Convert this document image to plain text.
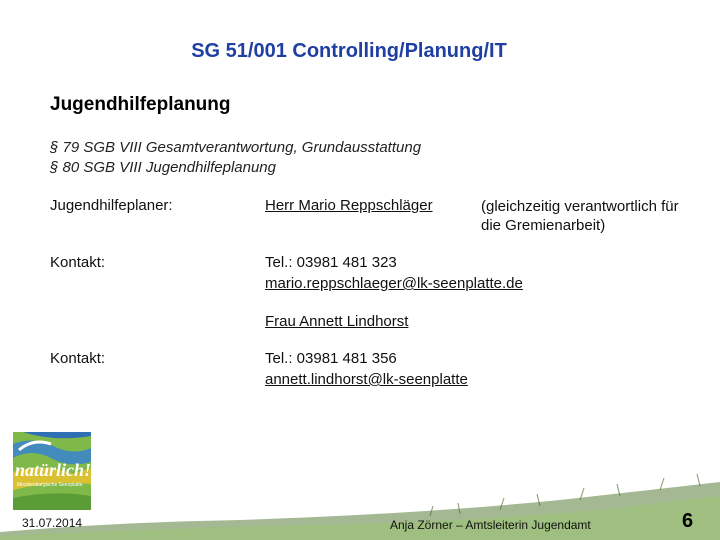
SG 51/001 Controlling/Planung/IT
Jugendhilfeplanung
§ 79 SGB VIII Gesamtverantwortung, Grundausstattung
§ 80 SGB VIII Jugendhilfeplanung
Jugendhilfeplaner:	Herr Mario Reppschläger	(gleichzeitig verantwortlich für
die Gremienarbeit)
Kontakt:	Tel.: 03981 481 323
mario.reppschlaeger@lk-seenplatte.de
Frau Annett Lindhorst
Kontakt:	Tel.: 03981 481 356
annett.lindhorst@lk-seenplatte
natürlich!
Mecklenburgische Seenplatte
31.07.2014	Anja Zörner – Amtsleiterin Jugendamt	6
